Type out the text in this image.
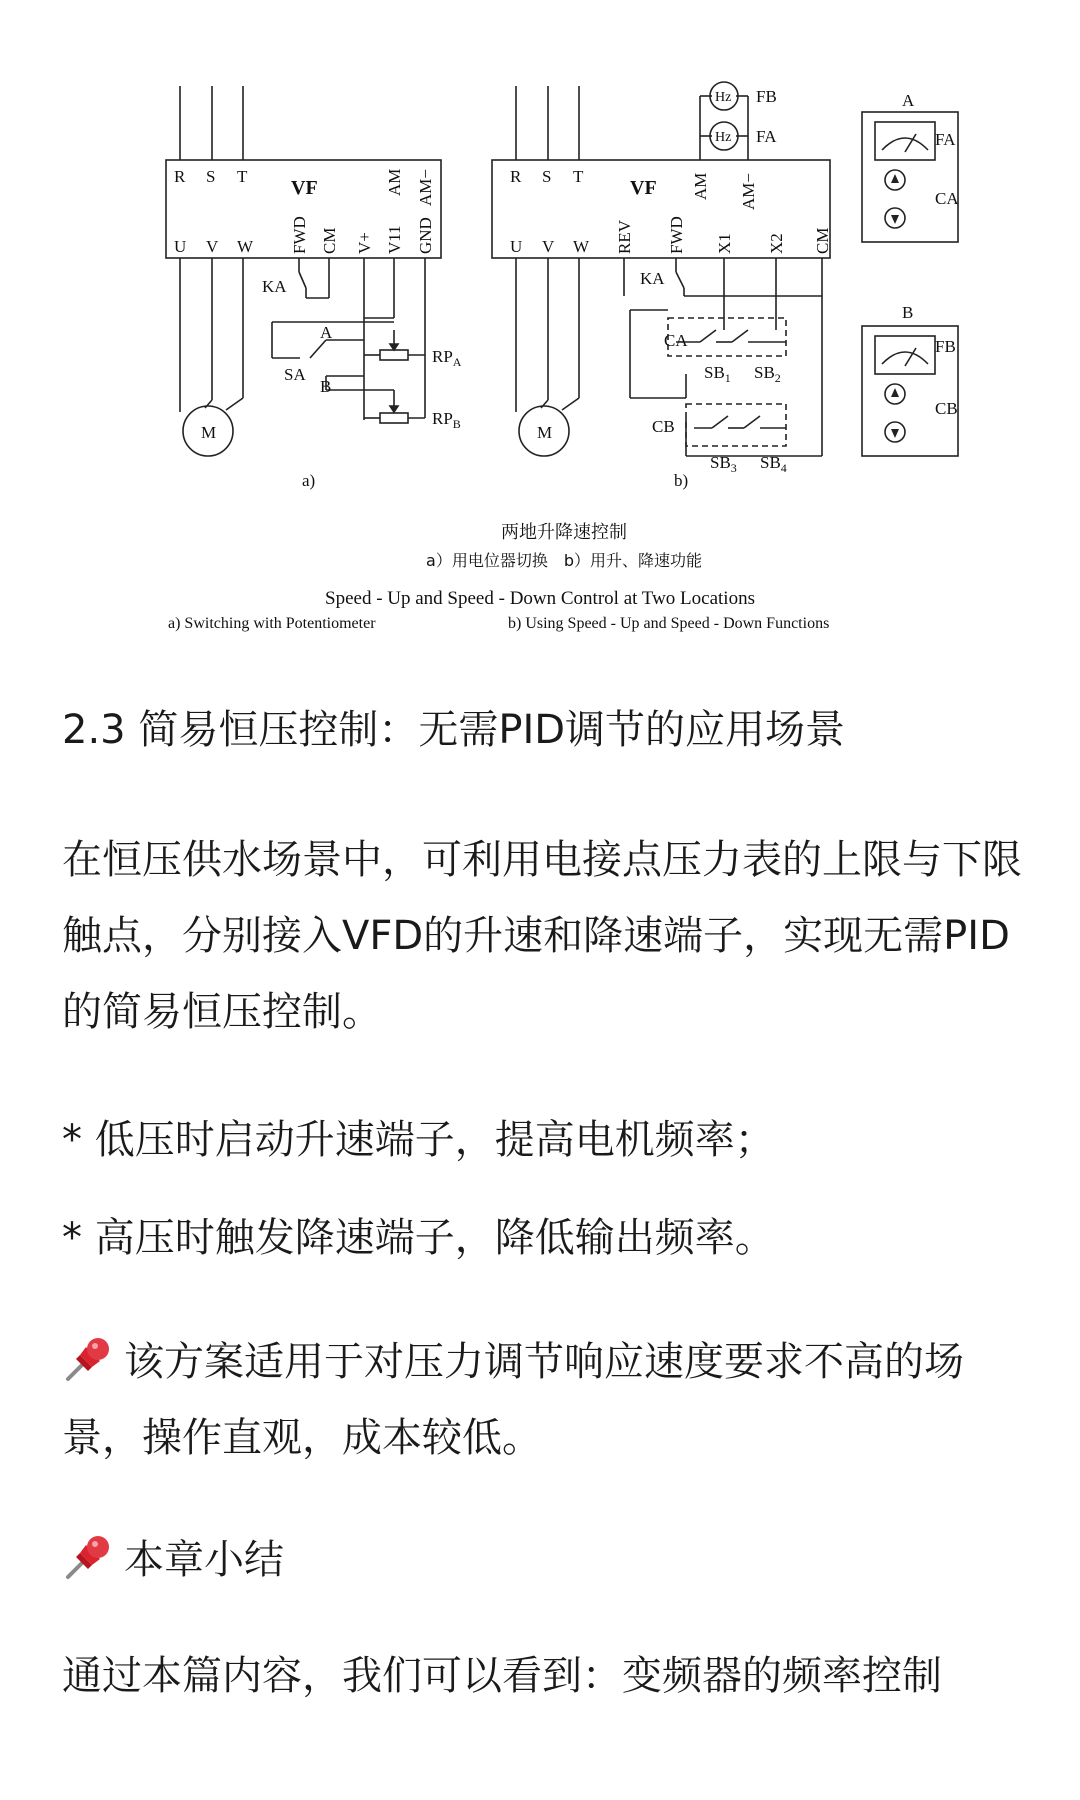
R S T
VF
U V W FWD CM V+ V11 GND
AM AM−
KA
SA
A
B
$RP_A$
$RP_B$
M
a)
R S T
VF
U V W REV FWD X1 X2 CM
AM AM−
Hz
Hz
FB
FA
KA
CA
CB
$SB_1$ $SB_2$
$SB_3$ $SB_4$
M
b)
A
FA
CA
B
FB
CB
两地升降速控制
a）用电位器切换　b）用升、降速功能
Speed - Up and Speed - Down Control at Two Locations
a) Switching with Potentiometer	b) Using Speed - Up and Speed - Down Functions
2.3 简易恒压控制：无需PID调节的应用场景

在恒压供水场景中，可利用电接点压力表的上限与下限触点，分别接入VFD的升速和降速端子，实现无需PID的简易恒压控制。

* 低压时启动升速端子，提高电机频率；

* 高压时触发降速端子，降低输出频率。

该方案适用于对压力调节响应速度要求不高的场景，操作直观，成本较低。

本章小结

通过本篇内容，我们可以看到：变频器的频率控制
